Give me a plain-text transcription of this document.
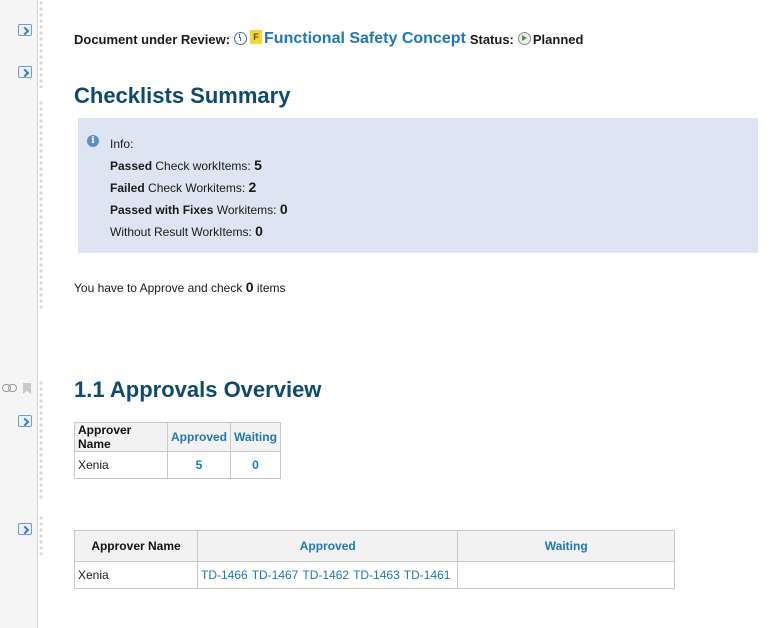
Document under Review:	F Functional Safety Concept Status: Planned
Checklists Summary
i	Info:
Passed Check workItems: 5
Failed Check Workitems: 2
Passed with Fixes Workitems: 0
Without Result WorkItems: 0
You have to Approve and check 0 items
1.1 Approvals Overview
Approver Name	Approved	Waiting
Xenia	5	0
Approver Name	Approved	Waiting
Xenia	TD-1466 TD-1467 TD-1462 TD-1463 TD-1461	
